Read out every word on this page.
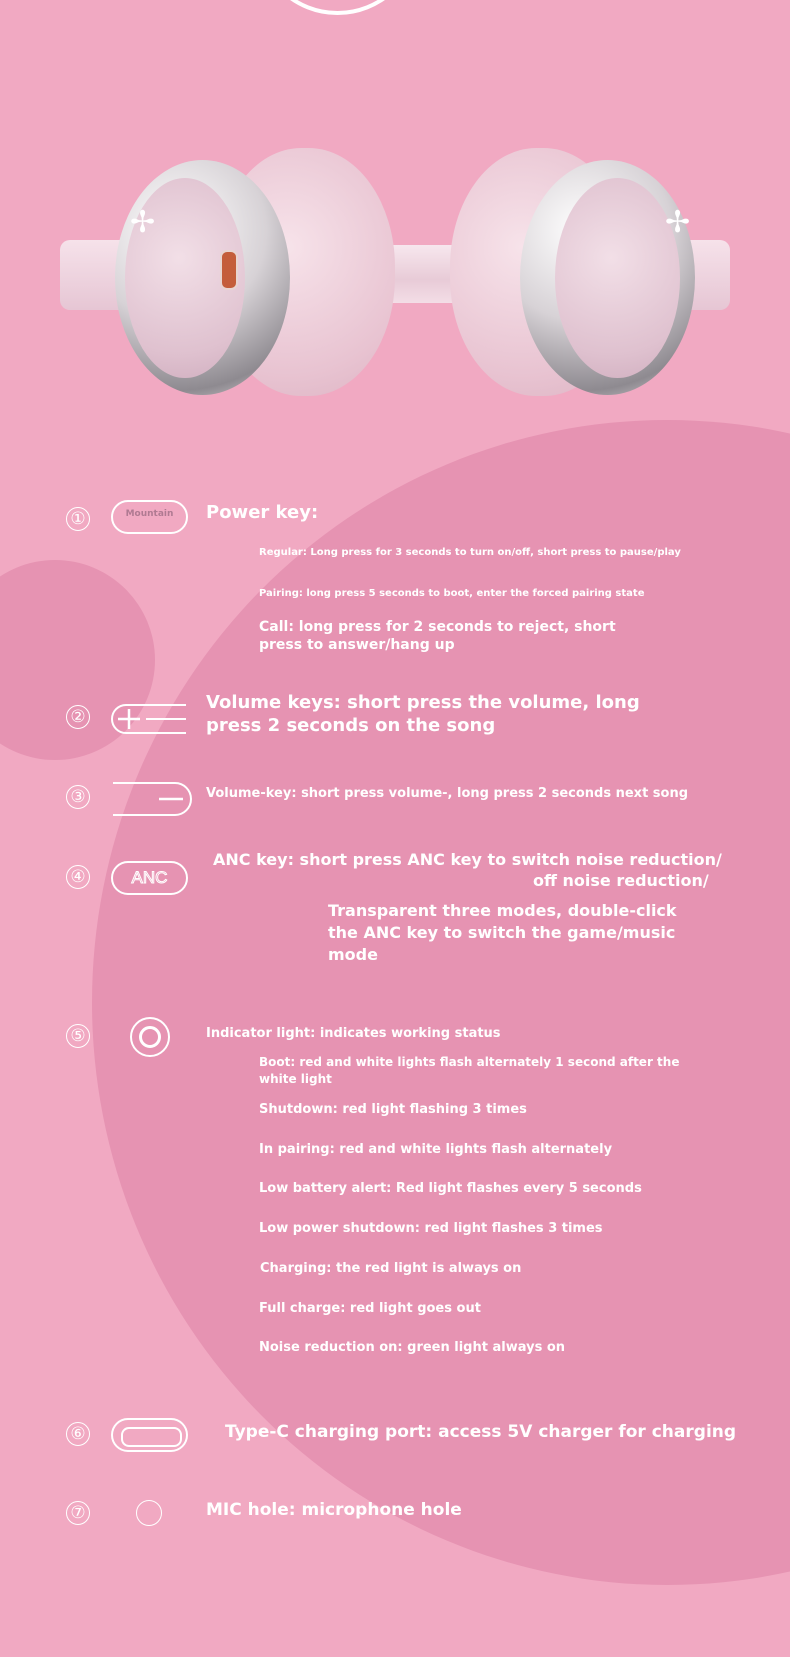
✢	✢
①	Mountain	Power key:
Regular: Long press for 3 seconds to turn on/off, short press to pause/play
Pairing: long press 5 seconds to boot, enter the forced pairing state
Call: long press for 2 seconds to reject, short
press to answer/hang up
②
Volume keys: short press the volume, long
press 2 seconds on the song
③	Volume-key: short press volume-, long press 2 seconds next song
④	ANC
ANC key: short press ANC key to switch noise reduction/
off noise reduction/
Transparent three modes, double-click
the ANC key to switch the game/music
mode
⑤	Indicator light: indicates working status
Boot: red and white lights flash alternately 1 second after the
white light
Shutdown: red light flashing 3 times
In pairing: red and white lights flash alternately
Low battery alert: Red light flashes every 5 seconds
Low power shutdown: red light flashes 3 times
Charging: the red light is always on
Full charge: red light goes out
Noise reduction on: green light always on
⑥	Type-C charging port: access 5V charger for charging
⑦	MIC hole: microphone hole
